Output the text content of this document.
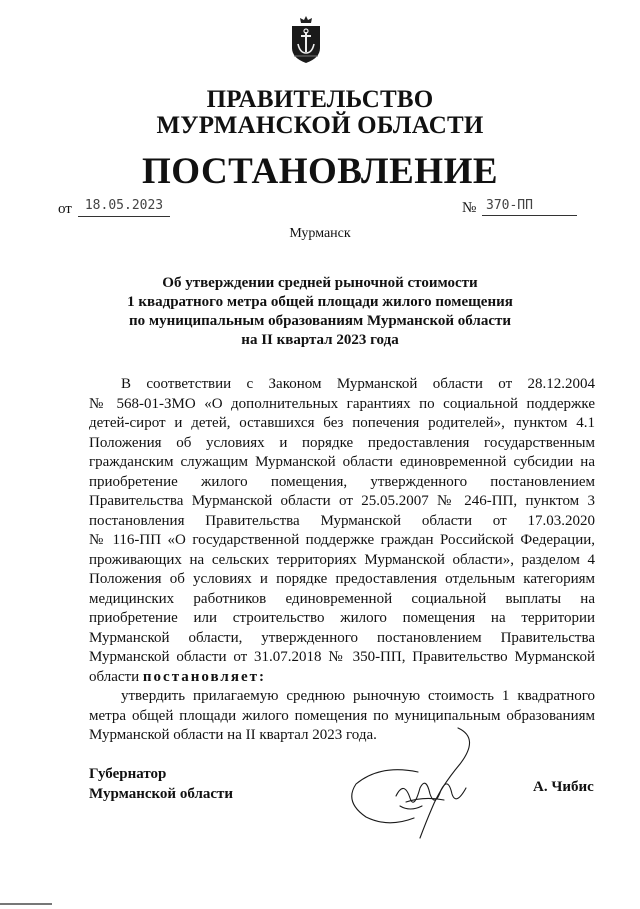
ПРАВИТЕЛЬСТВО
МУРМАНСКОЙ ОБЛАСТИ
ПОСТАНОВЛЕНИЕ
от	18.05.2023	№ 370-ПП
Мурманск
Об утверждении средней рыночной стоимости
1 квадратного метра общей площади жилого помещения
по муниципальным образованиям Мурманской области
на II квартал 2023 года
В соответствии с Законом Мурманской области от 28.12.2004
№ 568-01-ЗМО «О дополнительных гарантиях по социальной поддержке
детей-сирот и детей, оставшихся без попечения родителей», пунктом 4.1
Положения об условиях и порядке предоставления государственным
гражданским служащим Мурманской области единовременной субсидии на
приобретение жилого помещения, утвержденного постановлением
Правительства Мурманской области от 25.05.2007 № 246-ПП, пунктом 3
постановления Правительства Мурманской области от 17.03.2020
№ 116-ПП «О государственной поддержке граждан Российской Федерации,
проживающих на сельских территориях Мурманской области», разделом 4
Положения об условиях и порядке предоставления отдельным категориям
медицинских работников единовременной социальной выплаты на
приобретение или строительство жилого помещения на территории
Мурманской области, утвержденного постановлением Правительства
Мурманской области от 31.07.2018 № 350-ПП, Правительство Мурманской
области постановляет:
утвердить прилагаемую среднюю рыночную стоимость 1 квадратного
метра общей площади жилого помещения по муниципальным образованиям
Мурманской области на II квартал 2023 года.
Губернатор
Мурманской области	А. Чибис
